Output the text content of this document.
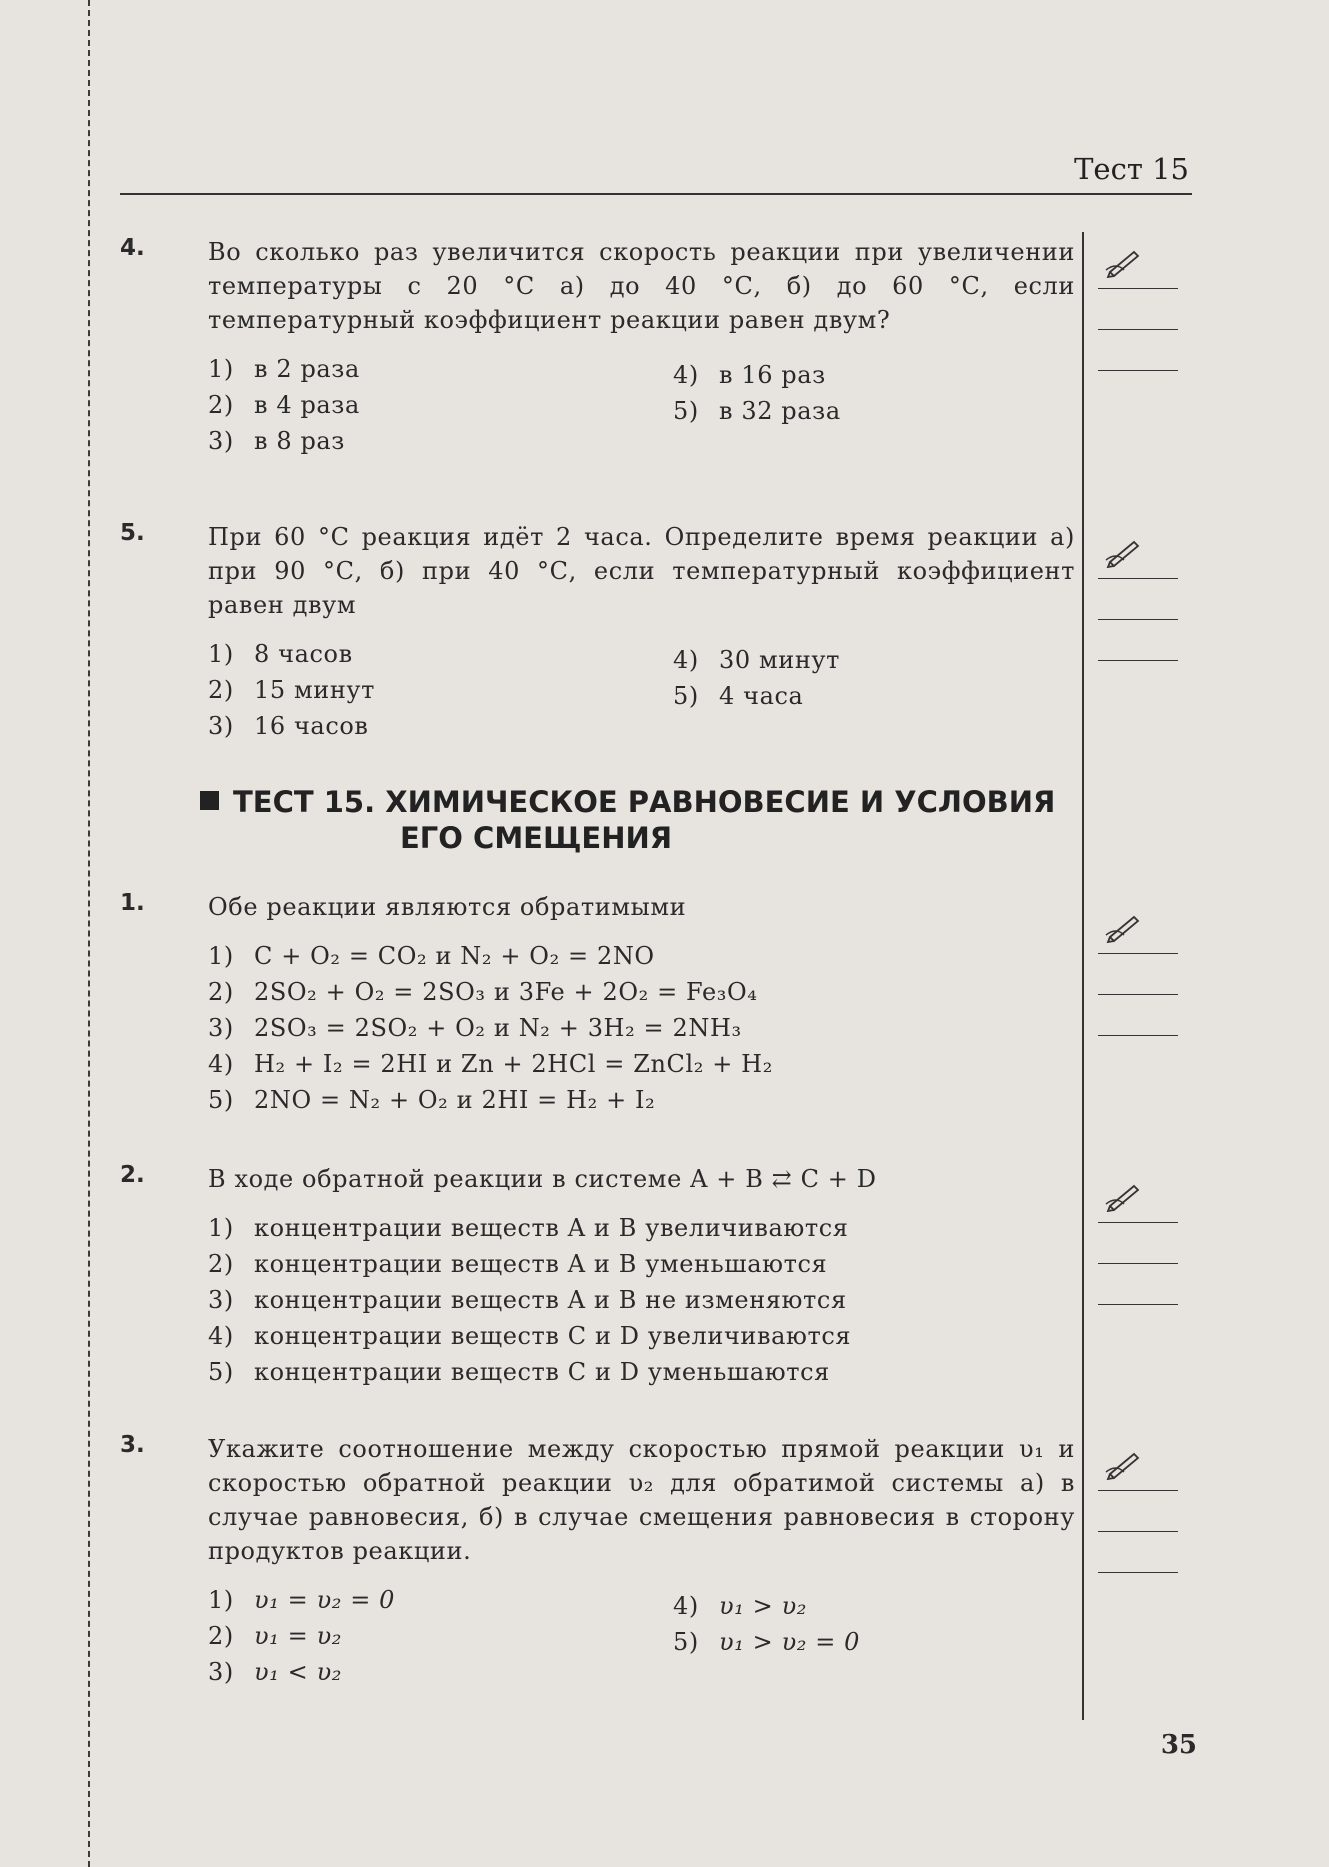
Тест 15
4.	Во сколько раз увеличится скорость реакции при увеличении температуры с 20 °С а) до 40 °С, б) до 60 °С, если температурный коэффициент реакции равен двум?
1) в 2 раза
2) в 4 раза
3) в 8 раз
4) в 16 раз
5) в 32 раза
5.	При 60 °С реакция идёт 2 часа. Определите время реакции а) при 90 °С, б) при 40 °С, если температурный коэффициент равен двум
1) 8 часов
2) 15 минут
3) 16 часов
4) 30 минут
5) 4 часа
ТЕСТ 15. ХИМИЧЕСКОЕ РАВНОВЕСИЕ И УСЛОВИЯ
ЕГО СМЕЩЕНИЯ
1.	Обе реакции являются обратимыми
1) C + O₂ = CO₂ и N₂ + O₂ = 2NO
2) 2SO₂ + O₂ = 2SO₃ и 3Fe + 2O₂ = Fe₃O₄
3) 2SO₃ = 2SO₂ + O₂ и N₂ + 3H₂ = 2NH₃
4) H₂ + I₂ = 2HI и Zn + 2HCl = ZnCl₂ + H₂
5) 2NO = N₂ + O₂ и 2HI = H₂ + I₂
2.	В ходе обратной реакции в системе A + B ⇄ C + D
1) концентрации веществ A и B увеличиваются
2) концентрации веществ A и B уменьшаются
3) концентрации веществ A и B не изменяются
4) концентрации веществ C и D увеличиваются
5) концентрации веществ C и D уменьшаются
3.	Укажите соотношение между скоростью прямой реакции υ₁ и скоростью обратной реакции υ₂ для обратимой системы а) в случае равновесия, б) в случае смещения равновесия в сторону продуктов реакции.
1) υ₁ = υ₂ = 0
2) υ₁ = υ₂
3) υ₁ < υ₂
4) υ₁ > υ₂
5) υ₁ > υ₂ = 0
35
